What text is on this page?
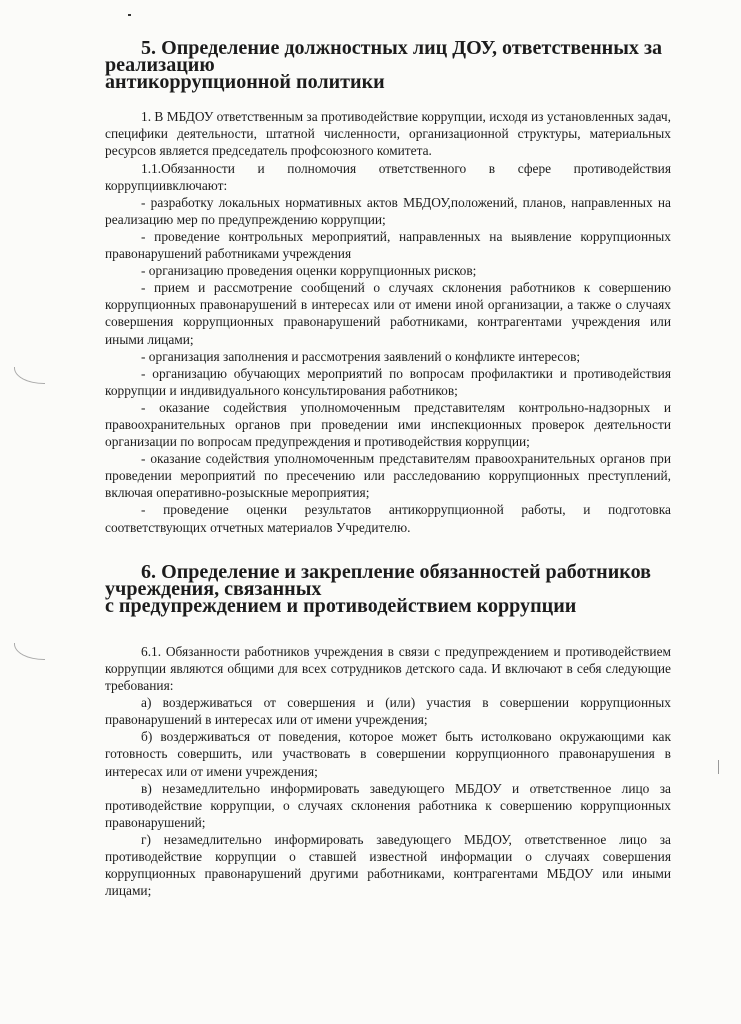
5. Определение должностных лиц ДОУ, ответственных за реализацию
антикоррупционной политики

1. В МБДОУ ответственным за противодействие коррупции, исходя из установленных задач, специфики деятельности, штатной численности, организационной структуры, материальных ресурсов является председатель профсоюзного комитета.

1.1.Обязанности и полномочия ответственного в сфере противодействия коррупциивключают:

- разработку локальных нормативных актов МБДОУ,положений, планов, направленных на реализацию мер по предупреждению коррупции;

- проведение контрольных мероприятий, направленных на выявление коррупционных правонарушений работниками учреждения

- организацию проведения оценки коррупционных рисков;

- прием и рассмотрение сообщений о случаях склонения работников к совершению коррупционных правонарушений в интересах или от имени иной организации, а также о случаях совершения коррупционных правонарушений работниками, контрагентами учреждения или иными лицами;

- организация заполнения и рассмотрения заявлений о конфликте интересов;

- организацию обучающих мероприятий по вопросам профилактики и противодействия коррупции и индивидуального консультирования работников;

- оказание содействия уполномоченным представителям контрольно-надзорных и правоохранительных органов при проведении ими инспекционных проверок деятельности организации по вопросам предупреждения и противодействия коррупции;

- оказание содействия уполномоченным представителям правоохранительных органов при проведении мероприятий по пресечению или расследованию коррупционных преступлений, включая оперативно-розыскные мероприятия;

- проведение оценки результатов антикоррупционной работы, и подготовка соответствующих отчетных материалов Учредителю.

6. Определение и закрепление обязанностей работников учреждения, связанных
с предупреждением и противодействием коррупции

6.1. Обязанности работников учреждения в связи с предупреждением и противодействием коррупции являются общими для всех сотрудников детского сада. И включают в себя следующие требования:

а) воздерживаться от совершения и (или) участия в совершении коррупционных правонарушений в интересах или от имени учреждения;

б) воздерживаться от поведения, которое может быть истолковано окружающими как готовность совершить, или участвовать в совершении коррупционного правонарушения в интересах или от имени учреждения;

в) незамедлительно информировать заведующего МБДОУ и ответственное лицо за противодействие коррупции, о случаях склонения работника к совершению коррупционных правонарушений;

г) незамедлительно информировать заведующего МБДОУ, ответственное лицо за противодействие коррупции о ставшей известной информации о случаях совершения коррупционных правонарушений другими работниками, контрагентами МБДОУ или иными лицами;
